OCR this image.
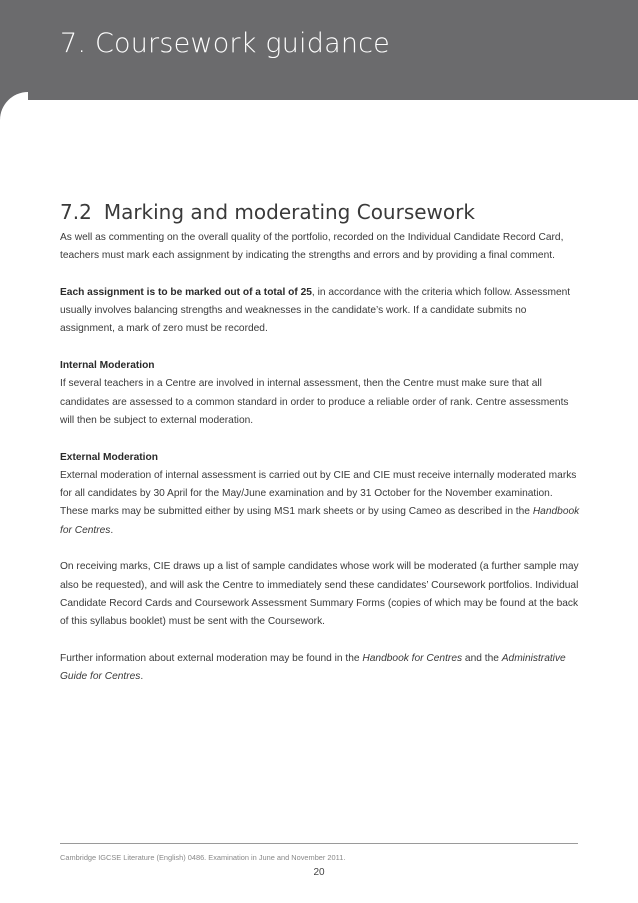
7. Coursework guidance
7.2 Marking and moderating Coursework

As well as commenting on the overall quality of the portfolio, recorded on the Individual Candidate Record Card, teachers must mark each assignment by indicating the strengths and errors and by providing a final comment.

Each assignment is to be marked out of a total of 25, in accordance with the criteria which follow. Assessment usually involves balancing strengths and weaknesses in the candidate’s work. If a candidate submits no assignment, a mark of zero must be recorded.

Internal Moderation
If several teachers in a Centre are involved in internal assessment, then the Centre must make sure that all candidates are assessed to a common standard in order to produce a reliable order of rank. Centre assessments will then be subject to external moderation.

External Moderation
External moderation of internal assessment is carried out by CIE and CIE must receive internally moderated marks for all candidates by 30 April for the May/June examination and by 31 October for the November examination. These marks may be submitted either by using MS1 mark sheets or by using Cameo as described in the Handbook for Centres.

On receiving marks, CIE draws up a list of sample candidates whose work will be moderated (a further sample may also be requested), and will ask the Centre to immediately send these candidates’ Coursework portfolios. Individual Candidate Record Cards and Coursework Assessment Summary Forms (copies of which may be found at the back of this syllabus booklet) must be sent with the Coursework.

Further information about external moderation may be found in the Handbook for Centres and the Administrative Guide for Centres.

Cambridge IGCSE Literature (English) 0486. Examination in June and November 2011.
20
